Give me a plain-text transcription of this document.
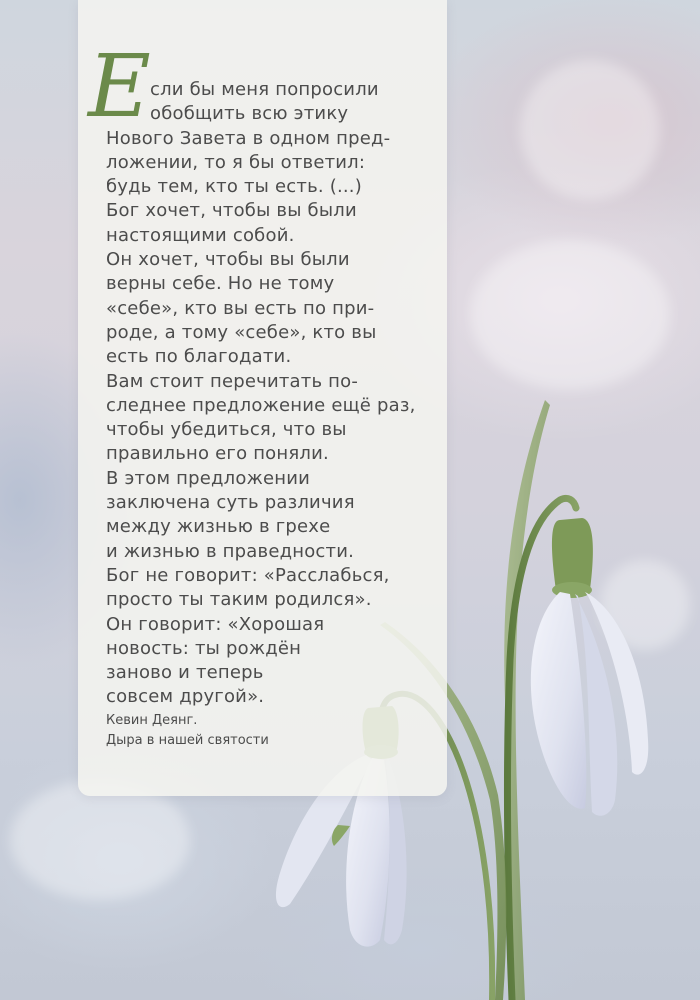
Е сли бы меня попросили
обобщить всю этику
Нового Завета в одном пред-
ложении, то я бы ответил:
будь тем, кто ты есть. (...)
Бог хочет, чтобы вы были
настоящими собой.
Он хочет, чтобы вы были
верны себе. Но не тому
«себе», кто вы есть по при-
роде, а тому «себе», кто вы
есть по благодати.
Вам стоит перечитать по-
следнее предложение ещё раз,
чтобы убедиться, что вы
правильно его поняли.
В этом предложении
заключена суть различия
между жизнью в грехе
и жизнью в праведности.
Бог не говорит: «Расслабься,
просто ты таким родился».
Он говорит: «Хорошая
новость: ты рождён
заново и теперь
совсем другой».
Кевин Деянг.
Дыра в нашей святости
